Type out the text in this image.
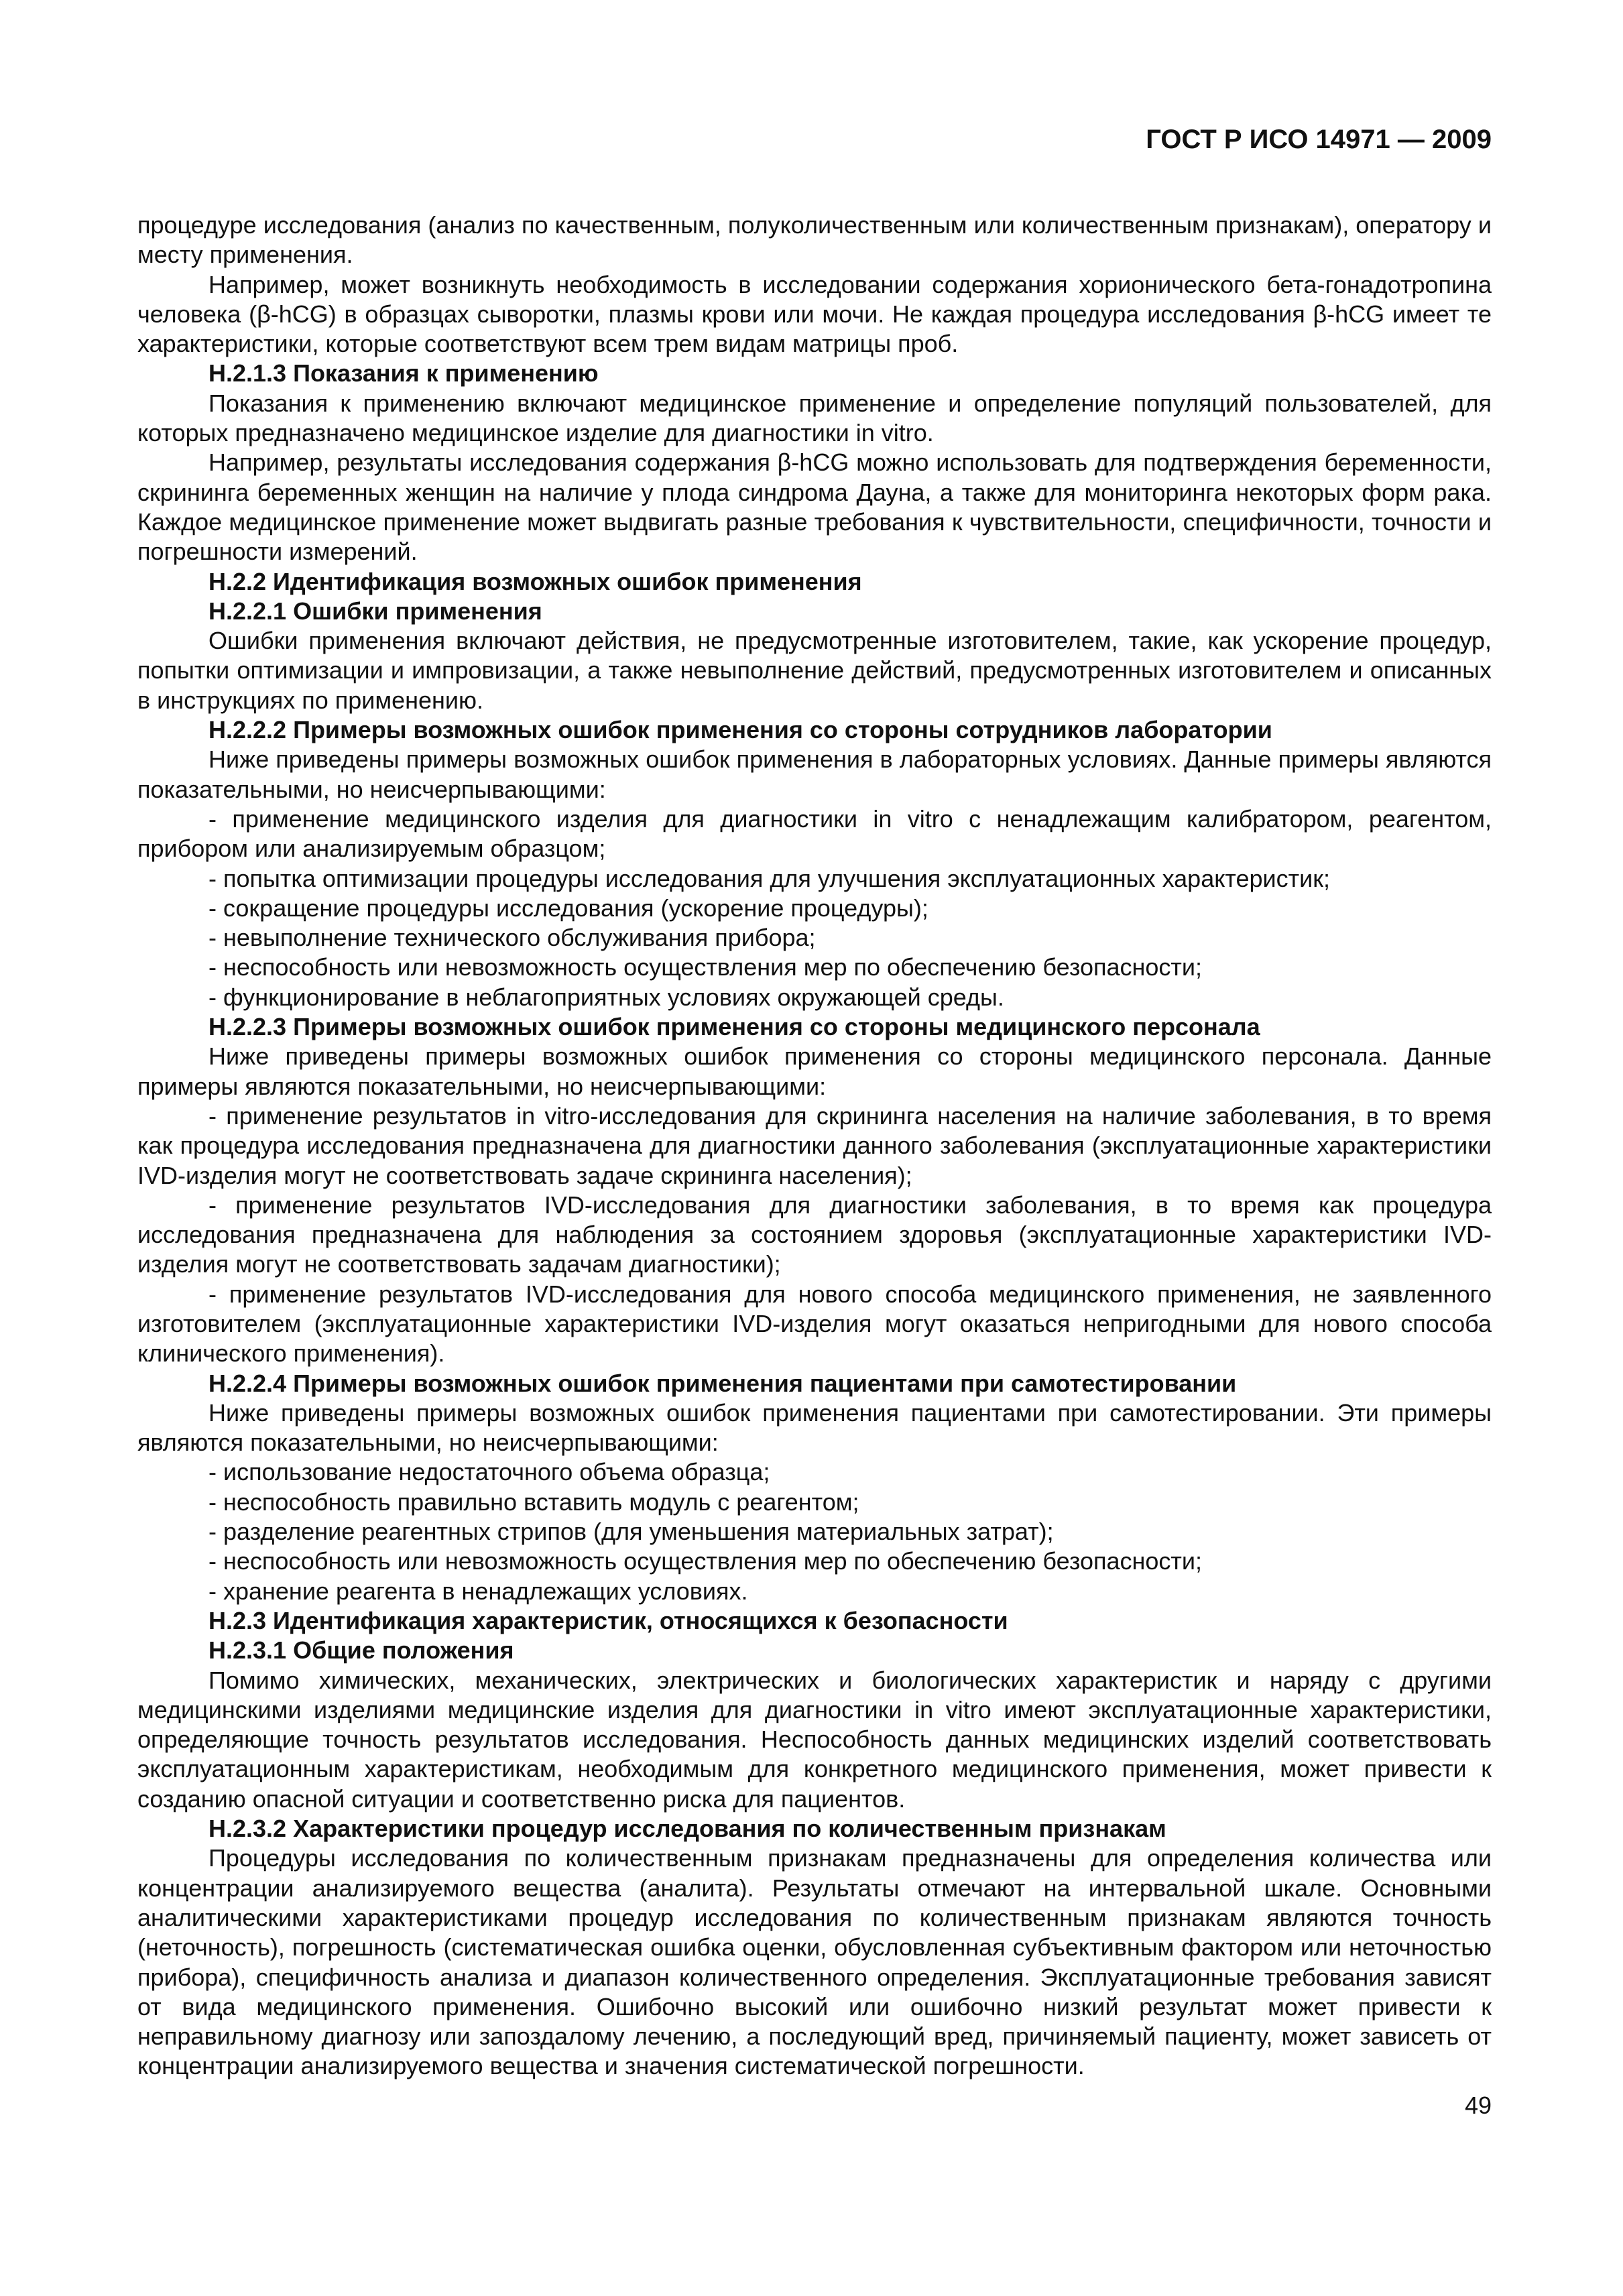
ГОСТ Р ИСО 14971 — 2009
процедуре исследования (анализ по качественным, полуколичественным или количественным признакам), оператору и месту применения.
Например, может возникнуть необходимость в исследовании содержания хорионического бета-гонадотропина человека (β-hCG) в образцах сыворотки, плазмы крови или мочи. Не каждая процедура исследования β-hCG имеет те характеристики, которые соответствуют всем трем видам матрицы проб.
Н.2.1.3 Показания к применению
Показания к применению включают медицинское применение и определение популяций пользователей, для которых предназначено медицинское изделие для диагностики in vitro.
Например, результаты исследования содержания β-hCG можно использовать для подтверждения беременности, скрининга беременных женщин на наличие у плода синдрома Дауна, а также для мониторинга некоторых форм рака. Каждое медицинское применение может выдвигать разные требования к чувствительности, специфичности, точности и погрешности измерений.
Н.2.2 Идентификация возможных ошибок применения
Н.2.2.1 Ошибки применения
Ошибки применения включают действия, не предусмотренные изготовителем, такие, как ускорение процедур, попытки оптимизации и импровизации, а также невыполнение действий, предусмотренных изготовителем и описанных в инструкциях по применению.
Н.2.2.2 Примеры возможных ошибок применения со стороны сотрудников лаборатории
Ниже приведены примеры возможных ошибок применения в лабораторных условиях. Данные примеры являются показательными, но неисчерпывающими:
- применение медицинского изделия для диагностики in vitro с ненадлежащим калибратором, реагентом, прибором или анализируемым образцом;
- попытка оптимизации процедуры исследования для улучшения эксплуатационных характеристик;
- сокращение процедуры исследования (ускорение процедуры);
- невыполнение технического обслуживания прибора;
- неспособность или невозможность осуществления мер по обеспечению безопасности;
- функционирование в неблагоприятных условиях окружающей среды.
Н.2.2.3 Примеры возможных ошибок применения со стороны медицинского персонала
Ниже приведены примеры возможных ошибок применения со стороны медицинского персонала. Данные примеры являются показательными, но неисчерпывающими:
- применение результатов in vitro-исследования для скрининга населения на наличие заболевания, в то время как процедура исследования предназначена для диагностики данного заболевания (эксплуатационные характеристики IVD-изделия могут не соответствовать задаче скрининга населения);
- применение результатов IVD-исследования для диагностики заболевания, в то время как процедура исследования предназначена для наблюдения за состоянием здоровья (эксплуатационные характеристики IVD-изделия могут не соответствовать задачам диагностики);
- применение результатов IVD-исследования для нового способа медицинского применения, не заявленного изготовителем (эксплуатационные характеристики IVD-изделия могут оказаться непригодными для нового способа клинического применения).
Н.2.2.4 Примеры возможных ошибок применения пациентами при самотестировании
Ниже приведены примеры возможных ошибок применения пациентами при самотестировании. Эти примеры являются показательными, но неисчерпывающими:
- использование недостаточного объема образца;
- неспособность правильно вставить модуль с реагентом;
- разделение реагентных стрипов (для уменьшения материальных затрат);
- неспособность или невозможность осуществления мер по обеспечению безопасности;
- хранение реагента в ненадлежащих условиях.
Н.2.3 Идентификация характеристик, относящихся к безопасности
Н.2.3.1 Общие положения
Помимо химических, механических, электрических и биологических характеристик и наряду с другими медицинскими изделиями медицинские изделия для диагностики in vitro имеют эксплуатационные характеристики, определяющие точность результатов исследования. Неспособность данных медицинских изделий соответствовать эксплуатационным характеристикам, необходимым для конкретного медицинского применения, может привести к созданию опасной ситуации и соответственно риска для пациентов.
Н.2.3.2 Характеристики процедур исследования по количественным признакам
Процедуры исследования по количественным признакам предназначены для определения количества или концентрации анализируемого вещества (аналита). Результаты отмечают на интервальной шкале. Основными аналитическими характеристиками процедур исследования по количественным признакам являются точность (неточность), погрешность (систематическая ошибка оценки, обусловленная субъективным фактором или неточностью прибора), специфичность анализа и диапазон количественного определения. Эксплуатационные требования зависят от вида медицинского применения. Ошибочно высокий или ошибочно низкий результат может привести к неправильному диагнозу или запоздалому лечению, а последующий вред, причиняемый пациенту, может зависеть от концентрации анализируемого вещества и значения систематической погрешности.
49
